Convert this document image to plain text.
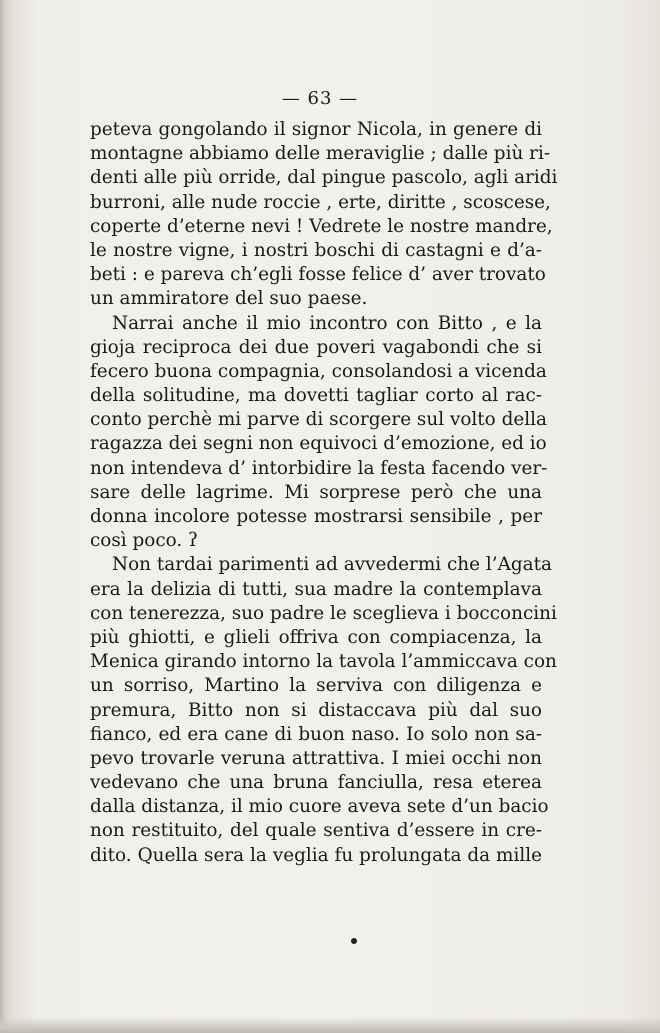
— 63 —
peteva gongolando il signor Nicola, in genere di
montagne abbiamo delle meraviglie ; dalle più ri-
denti alle più orride, dal pingue pascolo, agli aridi
burroni, alle nude roccie , erte, diritte , scoscese,
coperte d’eterne nevi ! Vedrete le nostre mandre,
le nostre vigne, i nostri boschi di castagni e d’a-
beti : e pareva ch’egli fosse felice d’ aver trovato
un ammiratore del suo paese.
Narrai anche il mio incontro con Bitto , e la
gioja reciproca dei due poveri vagabondi che si
fecero buona compagnia, consolandosi a vicenda
della solitudine, ma dovetti tagliar corto al rac-
conto perchè mi parve di scorgere sul volto della
ragazza dei segni non equivoci d’emozione, ed io
non intendeva d’ intorbidire la festa facendo ver-
sare delle lagrime. Mi sorprese però che una
donna incolore potesse mostrarsi sensibile , per
così poco. ʔ
Non tardai parimenti ad avvedermi che l’Agata
era la delizia di tutti, sua madre la contemplava
con tenerezza, suo padre le sceglieva i bocconcini
più ghiotti, e glieli offriva con compiacenza, la
Menica girando intorno la tavola l’ammiccava con
un sorriso, Martino la serviva con diligenza e
premura, Bitto non si distaccava più dal suo
fianco, ed era cane di buon naso. Io solo non sa-
pevo trovarle veruna attrattiva. I miei occhi non
vedevano che una bruna fanciulla, resa eterea
dalla distanza, il mio cuore aveva sete d’un bacio
non restituito, del quale sentiva d’essere in cre-
dito. Quella sera la veglia fu prolungata da mille
